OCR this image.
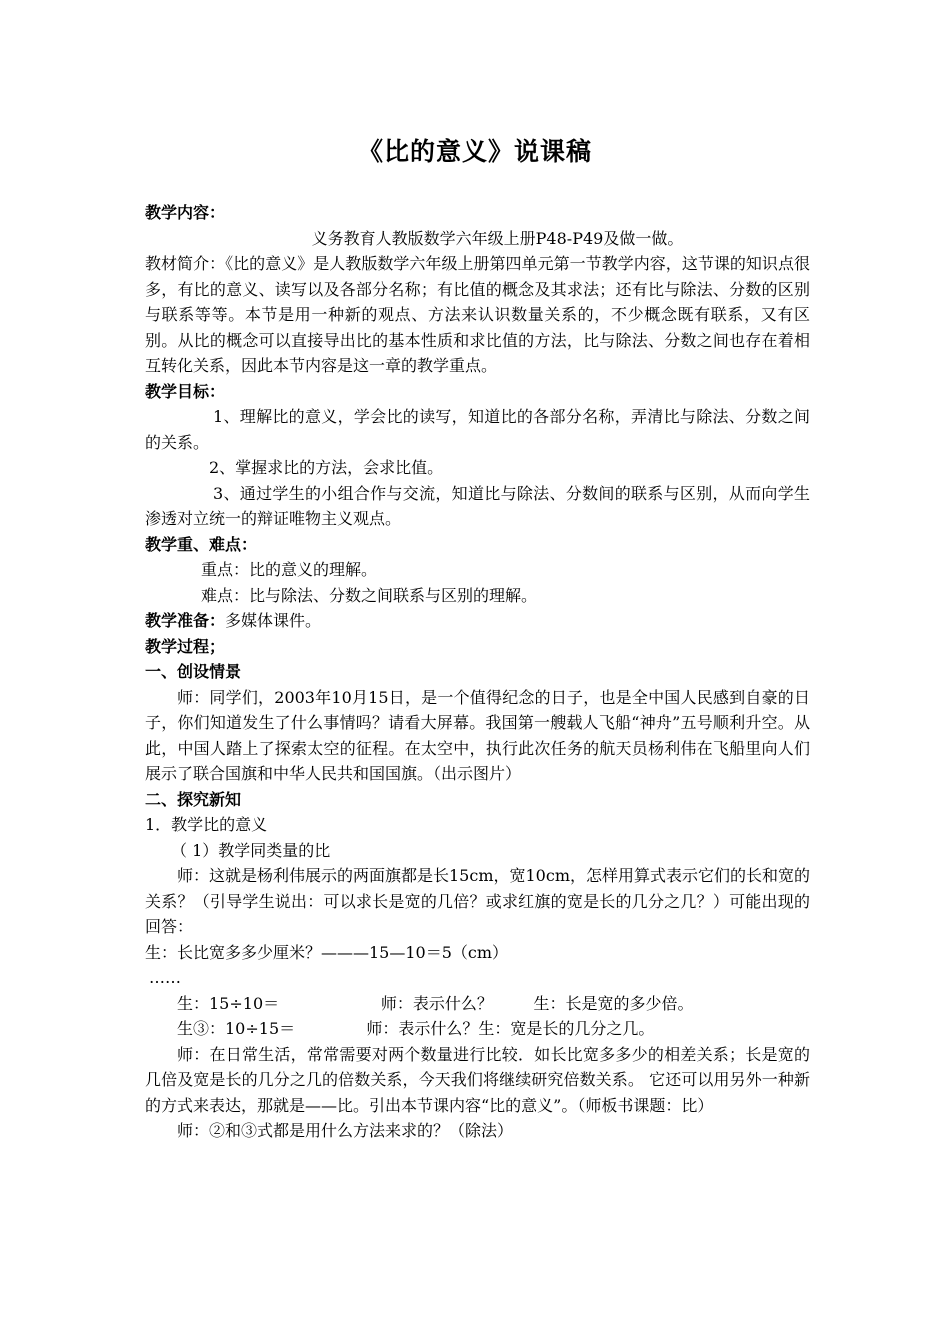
《比的意义》说课稿

教学内容：

义务教育人教版数学六年级上册P48-P49及做一做。

教材简介：《比的意义》是人教版数学六年级上册第四单元第一节教学内容，这节课的知识点很多，有比的意义、读写以及各部分名称；有比值的概念及其求法；还有比与除法、分数的区别与联系等等。本节是用一种新的观点、方法来认识数量关系的，不少概念既有联系，又有区别。从比的概念可以直接导出比的基本性质和求比值的方法，比与除法、分数之间也存在着相互转化关系，因此本节内容是这一章的教学重点。

教学目标：

1、理解比的意义，学会比的读写，知道比的各部分名称，弄清比与除法、分数之间的关系。

2、掌握求比的方法，会求比值。

3、通过学生的小组合作与交流，知道比与除法、分数间的联系与区别，从而向学生渗透对立统一的辩证唯物主义观点。

教学重、难点：

重点：比的意义的理解。

难点：比与除法、分数之间联系与区别的理解。

教学准备：多媒体课件。

教学过程；

一、创设情景

师：同学们，2003年10月15日，是一个值得纪念的日子，也是全中国人民感到自豪的日子，你们知道发生了什么事情吗？请看大屏幕。我国第一艘载人飞船“神舟”五号顺利升空。从此，中国人踏上了探索太空的征程。在太空中，执行此次任务的航天员杨利伟在飞船里向人们展示了联合国旗和中华人民共和国国旗。（出示图片）

二、探究新知

1．教学比的意义

（ 1）教学同类量的比

师：这就是杨利伟展示的两面旗都是长15cm，宽10cm，怎样用算式表示它们的长和宽的关系？（引导学生说出：可以求长是宽的几倍？或求红旗的宽是长的几分之几？）可能出现的回答：

生：长比宽多多少厘米？———15—10＝5（cm）

……

生：15÷10＝                    师：表示什么？        生：长是宽的多少倍。

生③：10÷15＝              师：表示什么？生：宽是长的几分之几。

师：在日常生活，常常需要对两个数量进行比较．如长比宽多多少的相差关系；长是宽的几倍及宽是长的几分之几的倍数关系，今天我们将继续研究倍数关系。 它还可以用另外一种新的方式来表达，那就是——比。引出本节课内容“比的意义”。（师板书课题：比）

师：②和③式都是用什么方法来求的？（除法）
